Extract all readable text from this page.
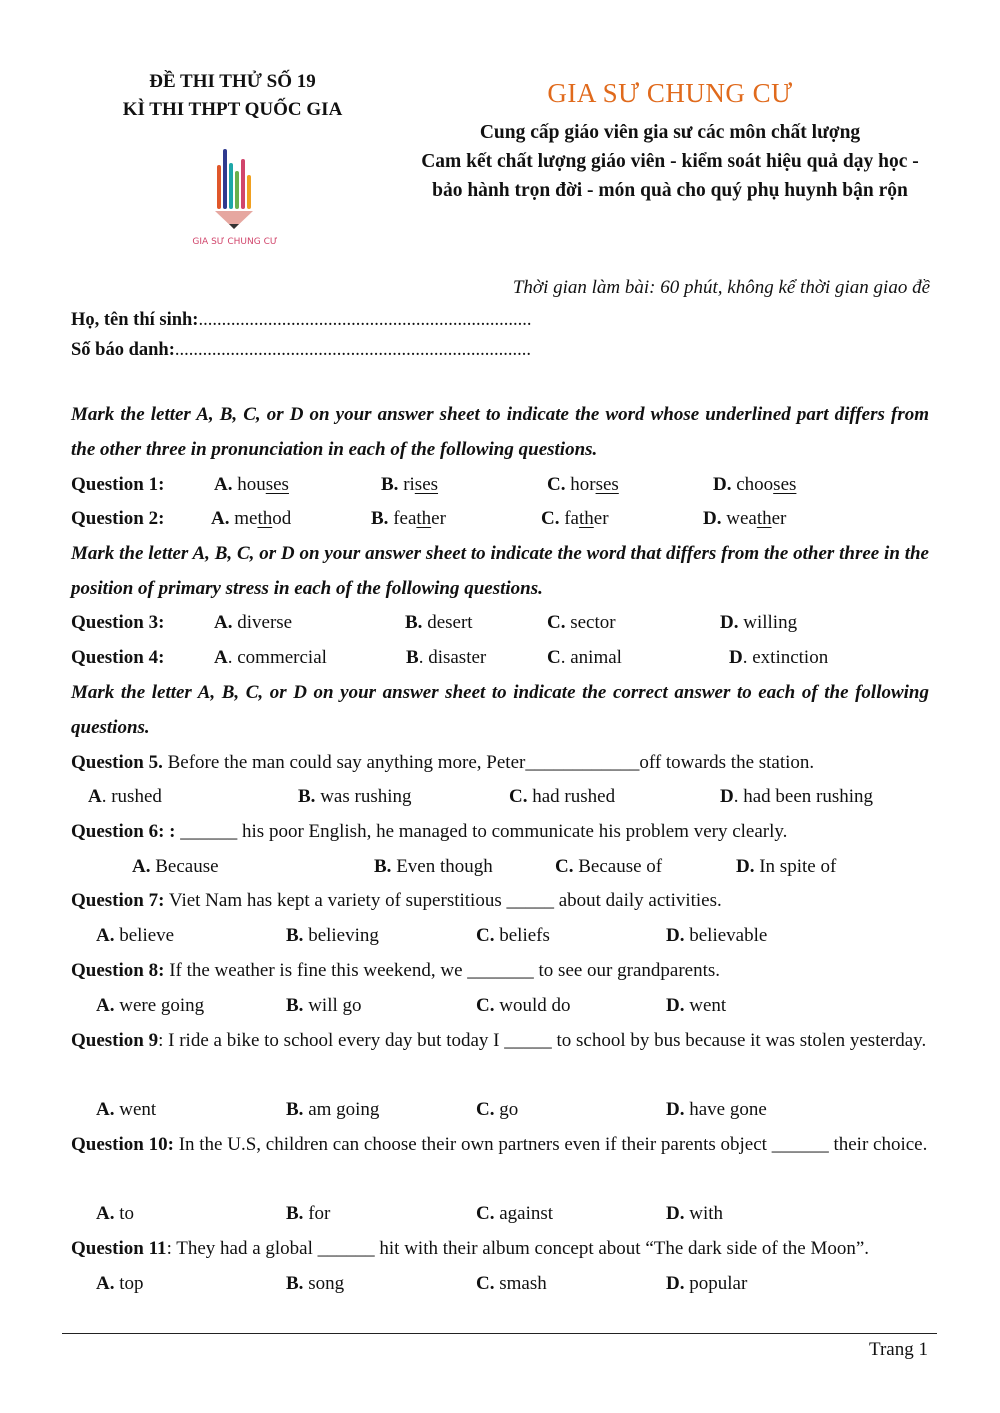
ĐỀ THI THỬ SỐ 19
KÌ THI THPT QUỐC GIA
GIA SƯ CHUNG CƯ
GIA SƯ CHUNG CƯ
Cung cấp giáo viên gia sư các môn chất lượng
Cam kết chất lượng giáo viên - kiểm soát hiệu quả dạy học - bảo hành trọn đời - món quà cho quý phụ huynh bận rộn
Thời gian làm bài: 60 phút, không kể thời gian giao đề
Họ, tên thí sinh:........................................................................
Số báo danh:.............................................................................
Mark the letter A, B, C, or D on your answer sheet to indicate the word whose underlined part differs from the other three in pronunciation in each of the following questions.
Question 1:	A. houses	B. rises	C. horses	D. chooses
Question 2: A. method	B. feather	C. father	D. weather
Mark the letter A, B, C, or D on your answer sheet to indicate the word that differs from the other three in the position of primary stress in each of the following questions.
Question 3:	A. diverse	B. desert	C. sector	D. willing
Question 4:	A. commercial	B. disaster	C. animal	D. extinction
Mark the letter A, B, C, or D on your answer sheet to indicate the correct answer to each of the following questions.
Question 5. Before the man could say anything more, Peter____________off towards the station.
A. rushed	B. was rushing	C. had rushed	D. had been rushing
Question 6: : ______ his poor English, he managed to communicate his problem very clearly.
A. Because	B. Even though	C. Because of	D. In spite of
Question 7: Viet Nam has kept a variety of superstitious _____ about daily activities.
A. believe	B. believing	C. beliefs	D. believable
Question 8: If the weather is fine this weekend, we _______ to see our grandparents.
A. were going	B. will go	C. would do	D. went
Question 9: I ride a bike to school every day but today I _____ to school by bus because it was stolen yesterday.
A. went	B. am going	C. go	D. have gone
Question 10: In the U.S, children can choose their own partners even if their parents object ______ their choice.
A. to	B. for	C. against	D. with
Question 11: They had a global ______ hit with their album concept about “The dark side of the Moon”.
A. top	B. song	C. smash	D. popular
Trang 1
